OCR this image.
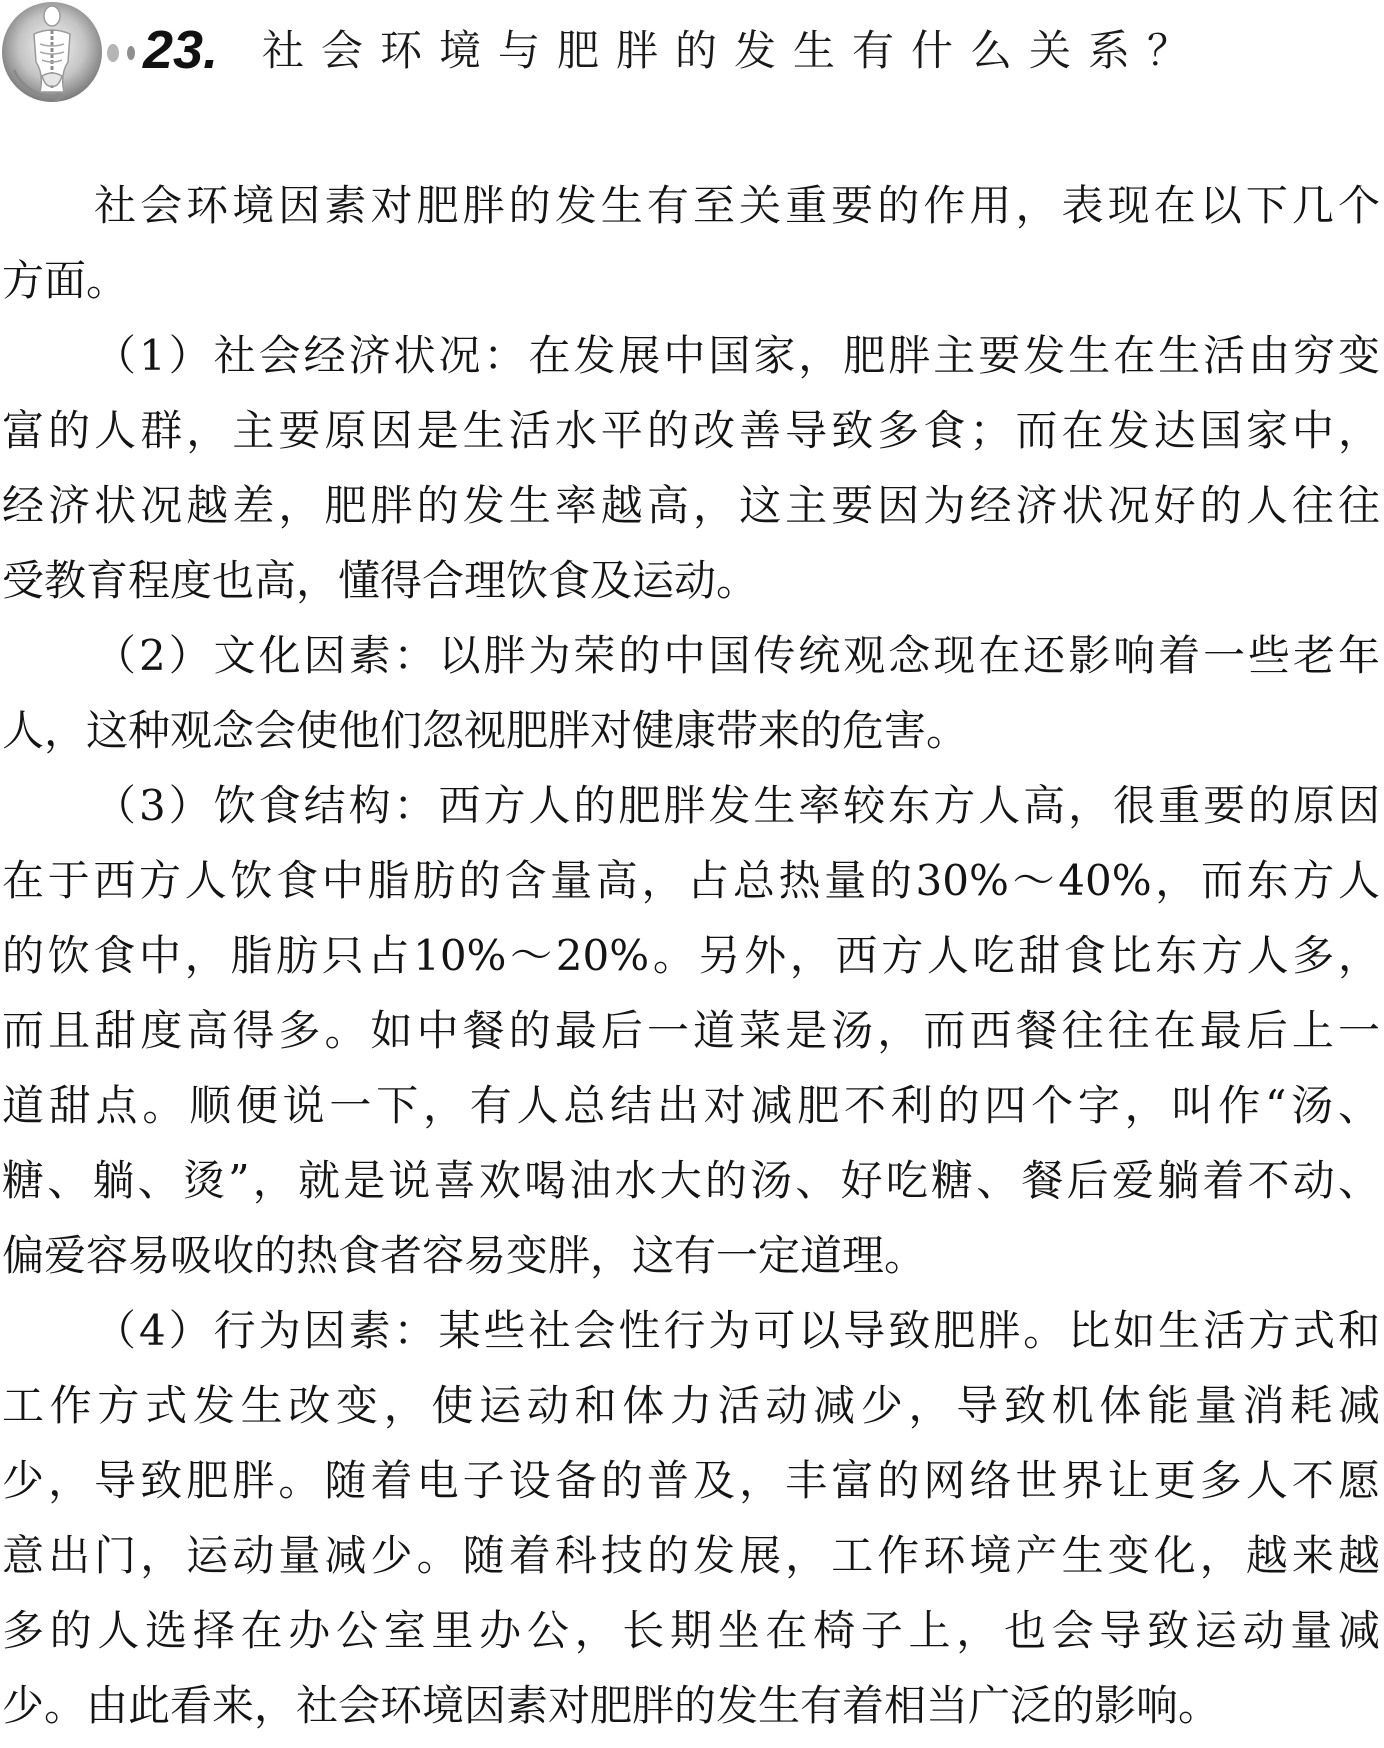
23. 社会环境与肥胖的发生有什么关系？
社会环境因素对肥胖的发生有至关重要的作用，表现在以下几个
方面。
（1）社会经济状况：在发展中国家，肥胖主要发生在生活由穷变
富的人群，主要原因是生活水平的改善导致多食；而在发达国家中，
经济状况越差，肥胖的发生率越高，这主要因为经济状况好的人往往
受教育程度也高，懂得合理饮食及运动。
（2）文化因素：以胖为荣的中国传统观念现在还影响着一些老年
人，这种观念会使他们忽视肥胖对健康带来的危害。
（3）饮食结构：西方人的肥胖发生率较东方人高，很重要的原因
在于西方人饮食中脂肪的含量高，占总热量的30%～40%，而东方人
的饮食中，脂肪只占10%～20%。另外，西方人吃甜食比东方人多，
而且甜度高得多。如中餐的最后一道菜是汤，而西餐往往在最后上一
道甜点。顺便说一下，有人总结出对减肥不利的四个字，叫作“汤、
糖、躺、烫”，就是说喜欢喝油水大的汤、好吃糖、餐后爱躺着不动、
偏爱容易吸收的热食者容易变胖，这有一定道理。
（4）行为因素：某些社会性行为可以导致肥胖。比如生活方式和
工作方式发生改变，使运动和体力活动减少，导致机体能量消耗减
少，导致肥胖。随着电子设备的普及，丰富的网络世界让更多人不愿
意出门，运动量减少。随着科技的发展，工作环境产生变化，越来越
多的人选择在办公室里办公，长期坐在椅子上，也会导致运动量减
少。由此看来，社会环境因素对肥胖的发生有着相当广泛的影响。
